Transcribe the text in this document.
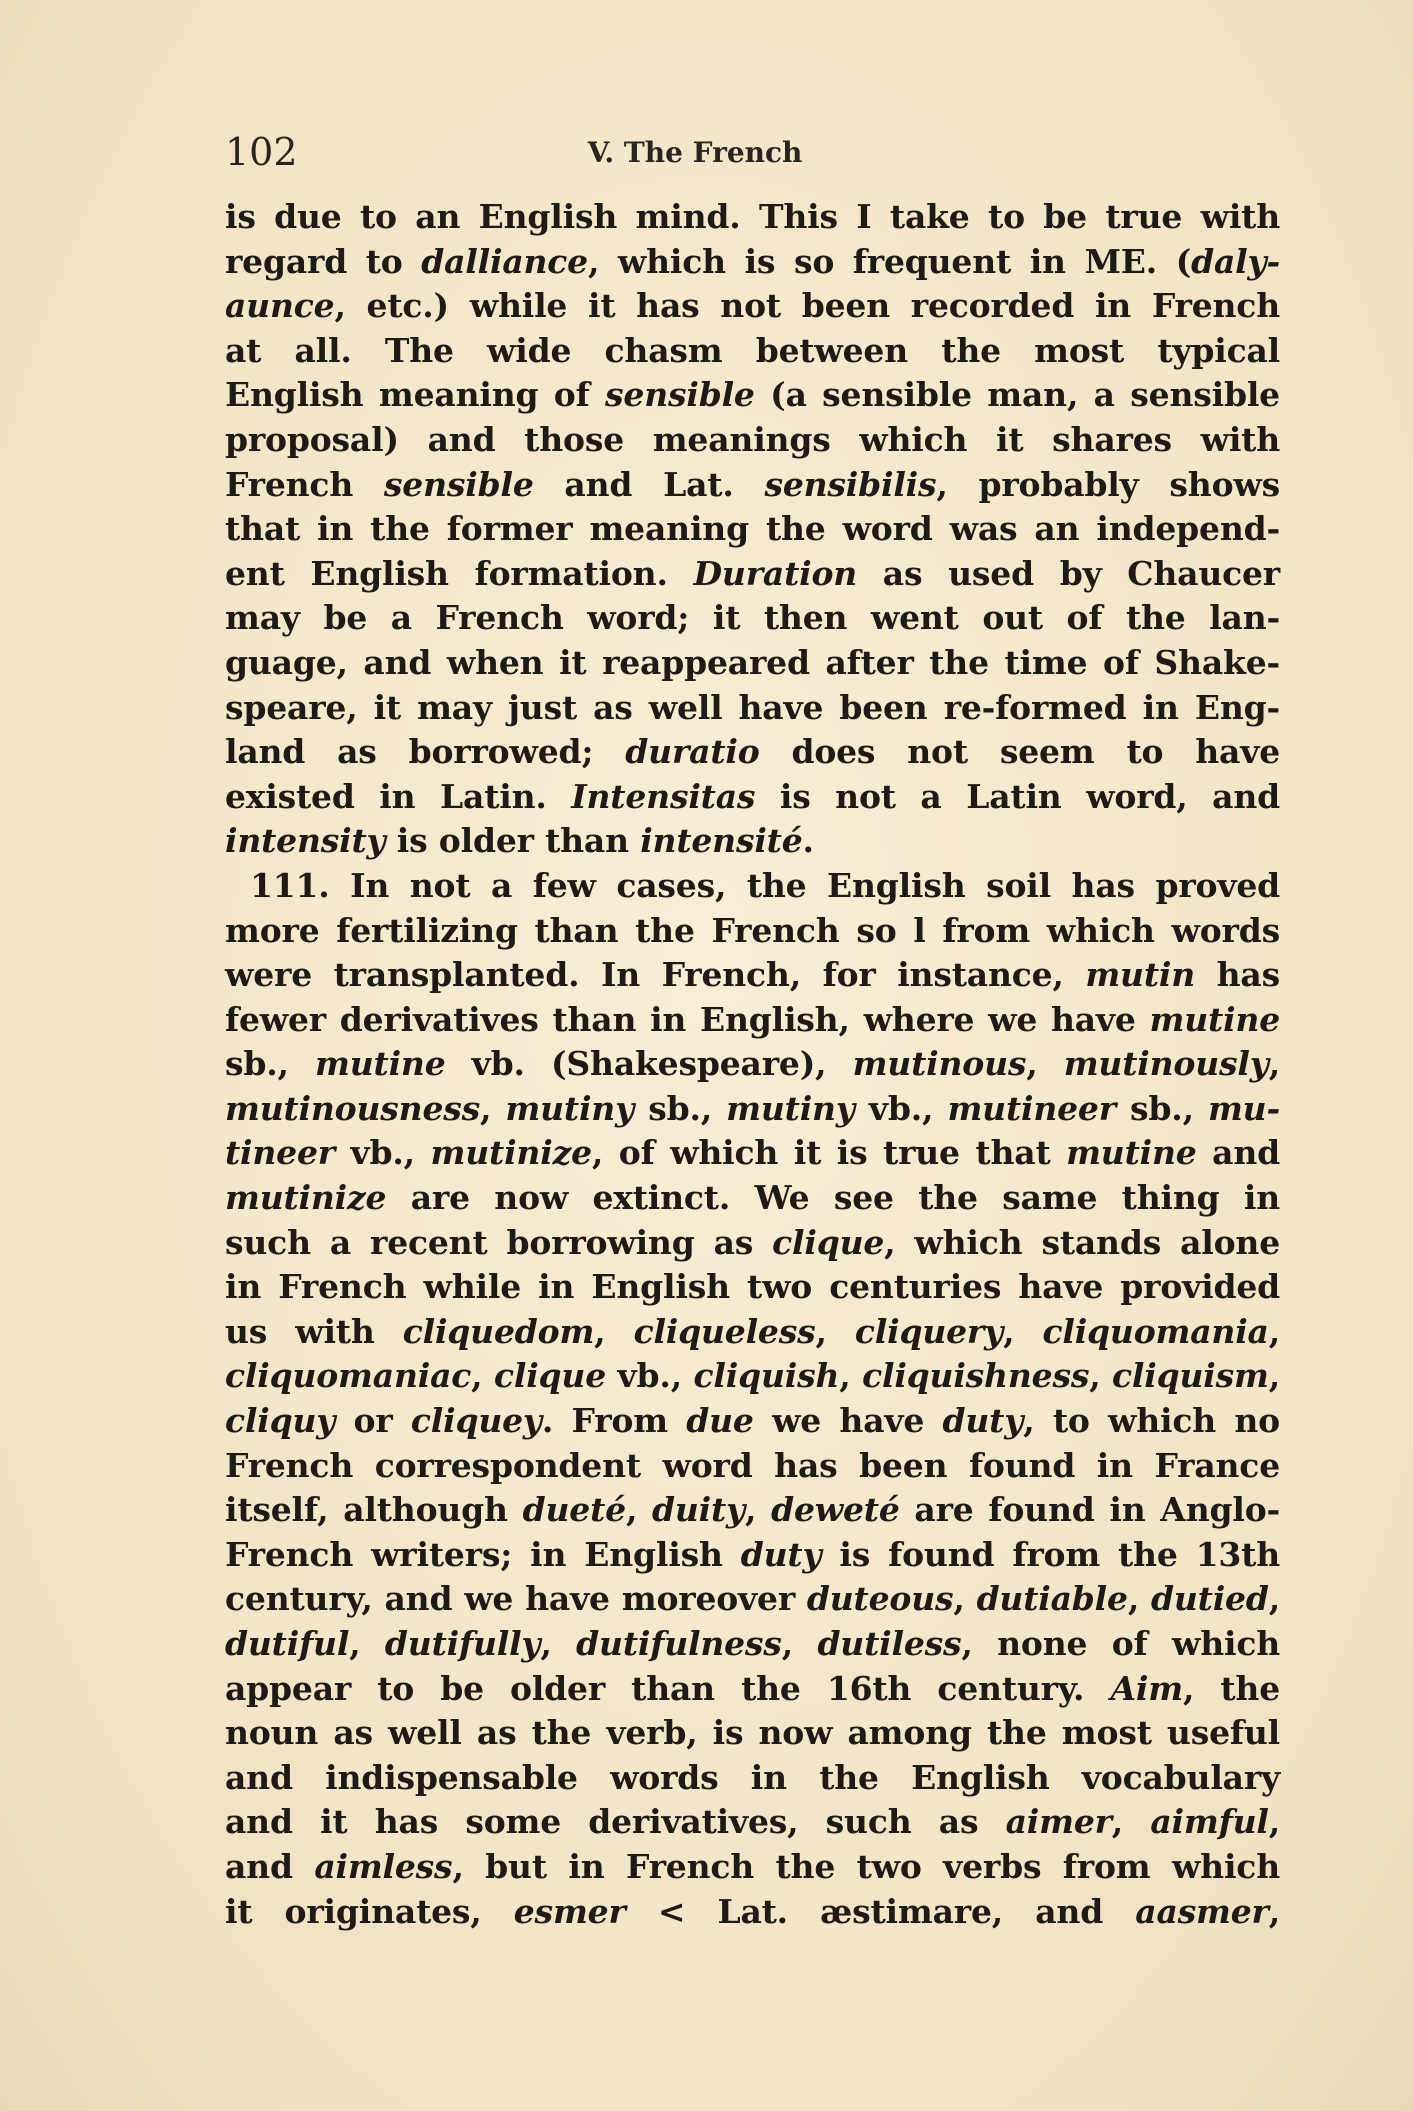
102	V. The French
is due to an English mind. This I take to be true with
regard to dalliance, which is so frequent in ME. (daly-
aunce, etc.) while it has not been recorded in French
at all. The wide chasm between the most typical
English meaning of sensible (a sensible man, a sensible
proposal) and those meanings which it shares with
French sensible and Lat. sensibilis, probably shows
that in the former meaning the word was an independ-
ent English formation. Duration as used by Chaucer
may be a French word; it then went out of the lan-
guage, and when it reappeared after the time of Shake-
speare, it may just as well have been re-formed in Eng-
land as borrowed; duratio does not seem to have
existed in Latin. Intensitas is not a Latin word, and
intensity is older than intensité.
111. In not a few cases, the English soil has proved
more fertilizing than the French so l from which words
were transplanted. In French, for instance, mutin has
fewer derivatives than in English, where we have mutine
sb., mutine vb. (Shakespeare), mutinous, mutinously,
mutinousness, mutiny sb., mutiny vb., mutineer sb., mu-
tineer vb., mutinize, of which it is true that mutine and
mutinize are now extinct. We see the same thing in
such a recent borrowing as clique, which stands alone
in French while in English two centuries have provided
us with cliquedom, cliqueless, cliquery, cliquomania,
cliquomaniac, clique vb., cliquish, cliquishness, cliquism,
cliquy or cliquey. From due we have duty, to which no
French correspondent word has been found in France
itself, although dueté, duity, deweté are found in Anglo-
French writers; in English duty is found from the 13th
century, and we have moreover duteous, dutiable, dutied,
dutiful, dutifully, dutifulness, dutiless, none of which
appear to be older than the 16th century. Aim, the
noun as well as the verb, is now among the most useful
and indispensable words in the English vocabulary
and it has some derivatives, such as aimer, aimful,
and aimless, but in French the two verbs from which
it originates, esmer < Lat. æstimare, and aasmer,
